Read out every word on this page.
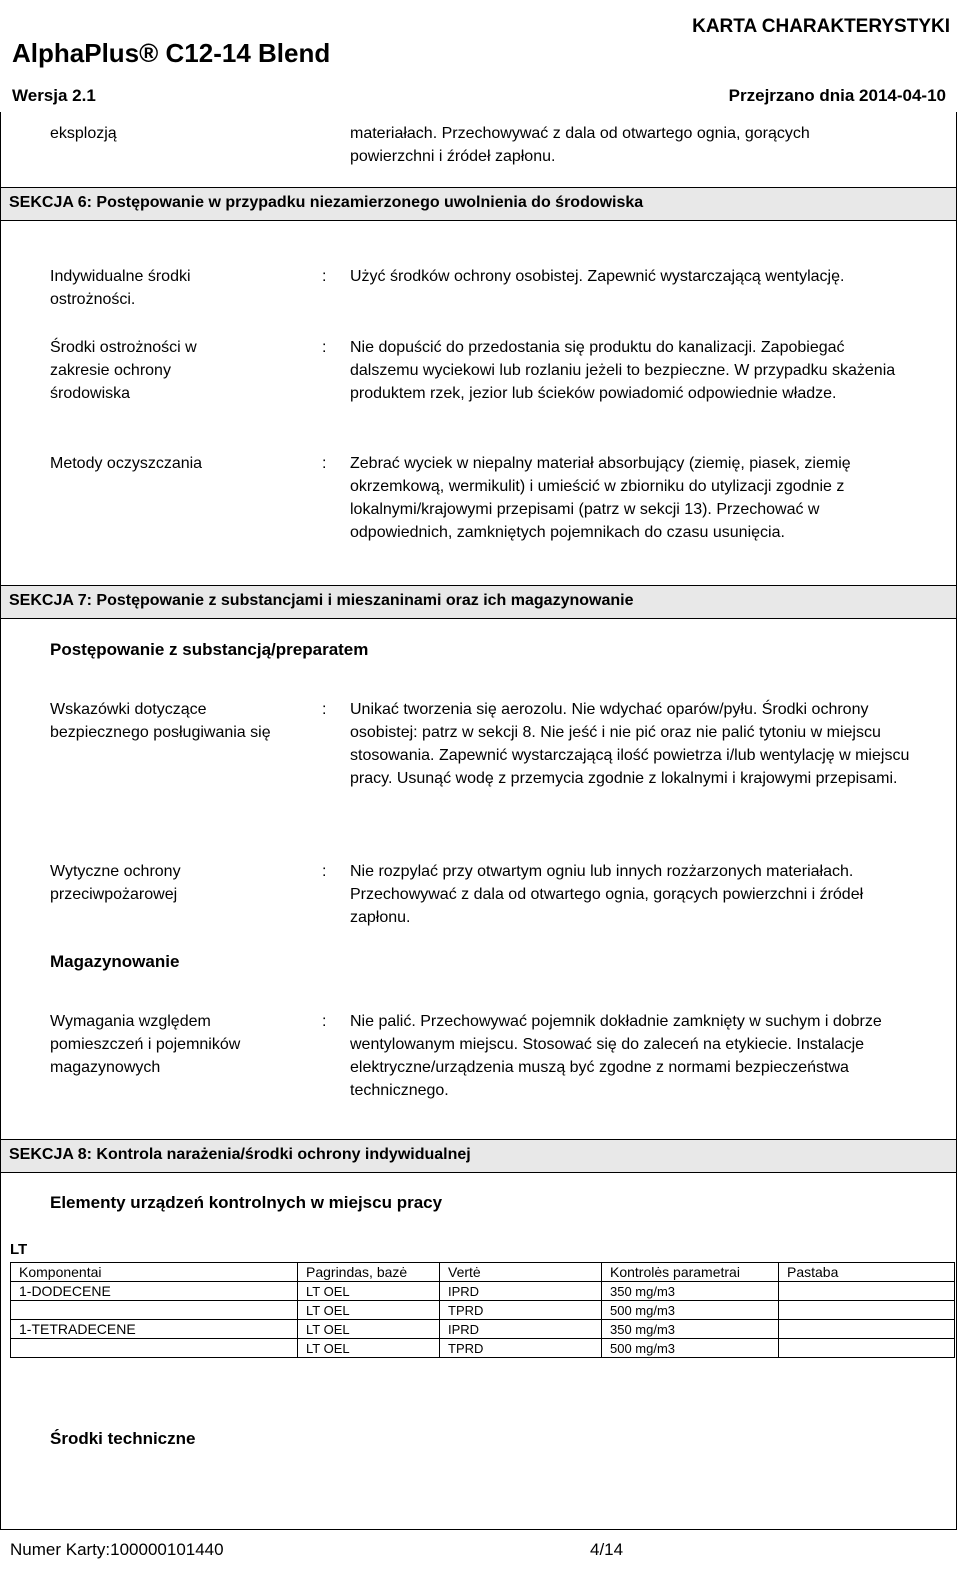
KARTA CHARAKTERYSTYKI
AlphaPlus® C12-14 Blend
Wersja 2.1	Przejrzano dnia 2014-04-10
eksplozją	materiałach. Przechowywać z dala od otwartego ognia, gorących powierzchni i źródeł zapłonu.
SEKCJA 6: Postępowanie w przypadku niezamierzonego uwolnienia do środowiska
Indywidualne środki ostrożności.
:	Użyć środków ochrony osobistej. Zapewnić wystarczającą wentylację.
Środki ostrożności w zakresie ochrony środowiska
:	Nie dopuścić do przedostania się produktu do kanalizacji. Zapobiegać dalszemu wyciekowi lub rozlaniu jeżeli to bezpieczne. W przypadku skażenia produktem rzek, jezior lub ścieków powiadomić odpowiednie władze.
Metody oczyszczania	:	Zebrać wyciek w niepalny materiał absorbujący (ziemię, piasek, ziemię okrzemkową, wermikulit) i umieścić w zbiorniku do utylizacji zgodnie z lokalnymi/krajowymi przepisami (patrz w sekcji 13). Przechować w odpowiednich, zamkniętych pojemnikach do czasu usunięcia.
SEKCJA 7: Postępowanie z substancjami i mieszaninami oraz ich magazynowanie
Postępowanie z substancją/preparatem
Wskazówki dotyczące bezpiecznego posługiwania się
:	Unikać tworzenia się aerozolu. Nie wdychać oparów/pyłu. Środki ochrony osobistej: patrz w sekcji 8. Nie jeść i nie pić oraz nie palić tytoniu w miejscu stosowania. Zapewnić wystarczającą ilość powietrza i/lub wentylację w miejscu pracy. Usunąć wodę z przemycia zgodnie z lokalnymi i krajowymi przepisami.
Wytyczne ochrony przeciwpożarowej
:	Nie rozpylać przy otwartym ogniu lub innych rozżarzonych materiałach. Przechowywać z dala od otwartego ognia, gorących powierzchni i źródeł zapłonu.
Magazynowanie
Wymagania względem pomieszczeń i pojemników magazynowych
:	Nie palić. Przechowywać pojemnik dokładnie zamknięty w suchym i dobrze wentylowanym miejscu. Stosować się do zaleceń na etykiecie. Instalacje elektryczne/urządzenia muszą być zgodne z normami bezpieczeństwa technicznego.
SEKCJA 8: Kontrola narażenia/środki ochrony indywidualnej
Elementy urządzeń kontrolnych w miejscu pracy
LT
Komponentai	Pagrindas, bazė	Vertė	Kontrolės parametrai	Pastaba
1-DODECENE	LT OEL	IPRD	350 mg/m3	
	LT OEL	TPRD	500 mg/m3	
1-TETRADECENE	LT OEL	IPRD	350 mg/m3	
	LT OEL	TPRD	500 mg/m3	
Środki techniczne
Numer Karty:100000101440	4/14
